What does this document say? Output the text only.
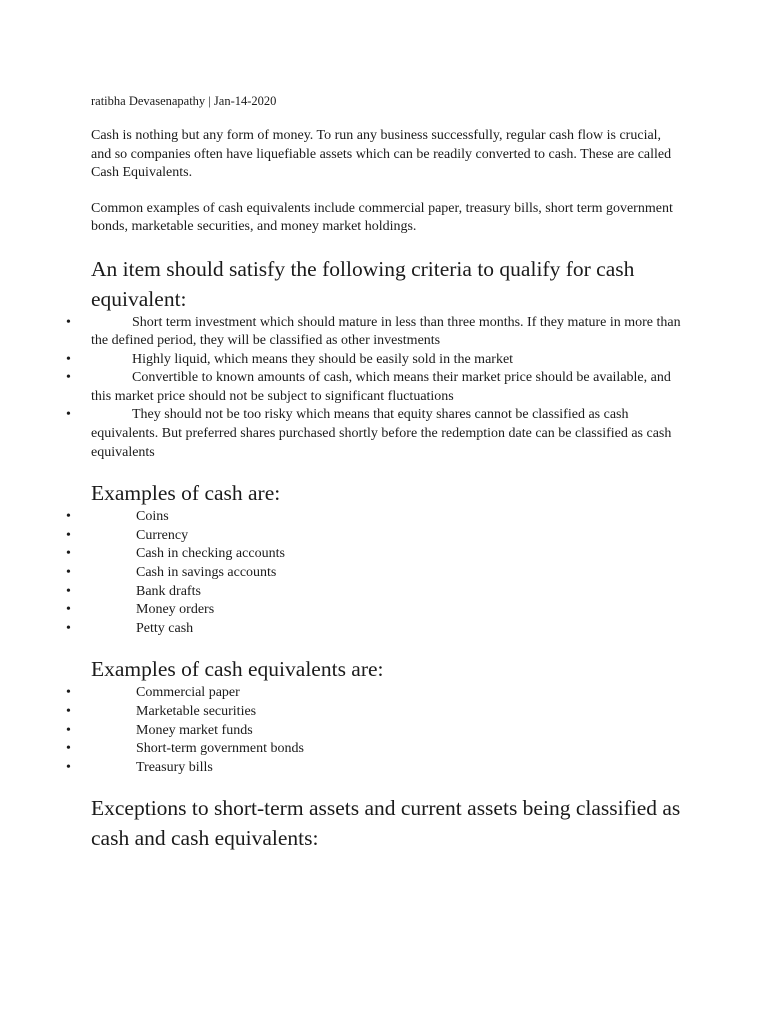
ratibha Devasenapathy | Jan-14-2020

Cash is nothing but any form of money. To run any business successfully, regular cash flow is crucial, and so companies often have liquefiable assets which can be readily converted to cash. These are called Cash Equivalents.

Common examples of cash equivalents include commercial paper, treasury bills, short term government bonds, marketable securities, and money market holdings.

An item should satisfy the following criteria to qualify for cash equivalent:
•	Short term investment which should mature in less than three months. If they mature in more than the defined period, they will be classified as other investments
•	Highly liquid, which means they should be easily sold in the market
•	Convertible to known amounts of cash, which means their market price should be available, and this market price should not be subject to significant fluctuations
•	They should not be too risky which means that equity shares cannot be classified as cash equivalents. But preferred shares purchased shortly before the redemption date can be classified as cash equivalents
Examples of cash are:
•	Coins
•	Currency
•	Cash in checking accounts
•	Cash in savings accounts
•	Bank drafts
•	Money orders
•	Petty cash
Examples of cash equivalents are:
•	Commercial paper
•	Marketable securities
•	Money market funds
•	Short-term government bonds
•	Treasury bills
Exceptions to short-term assets and current assets being classified as cash and cash equivalents:
